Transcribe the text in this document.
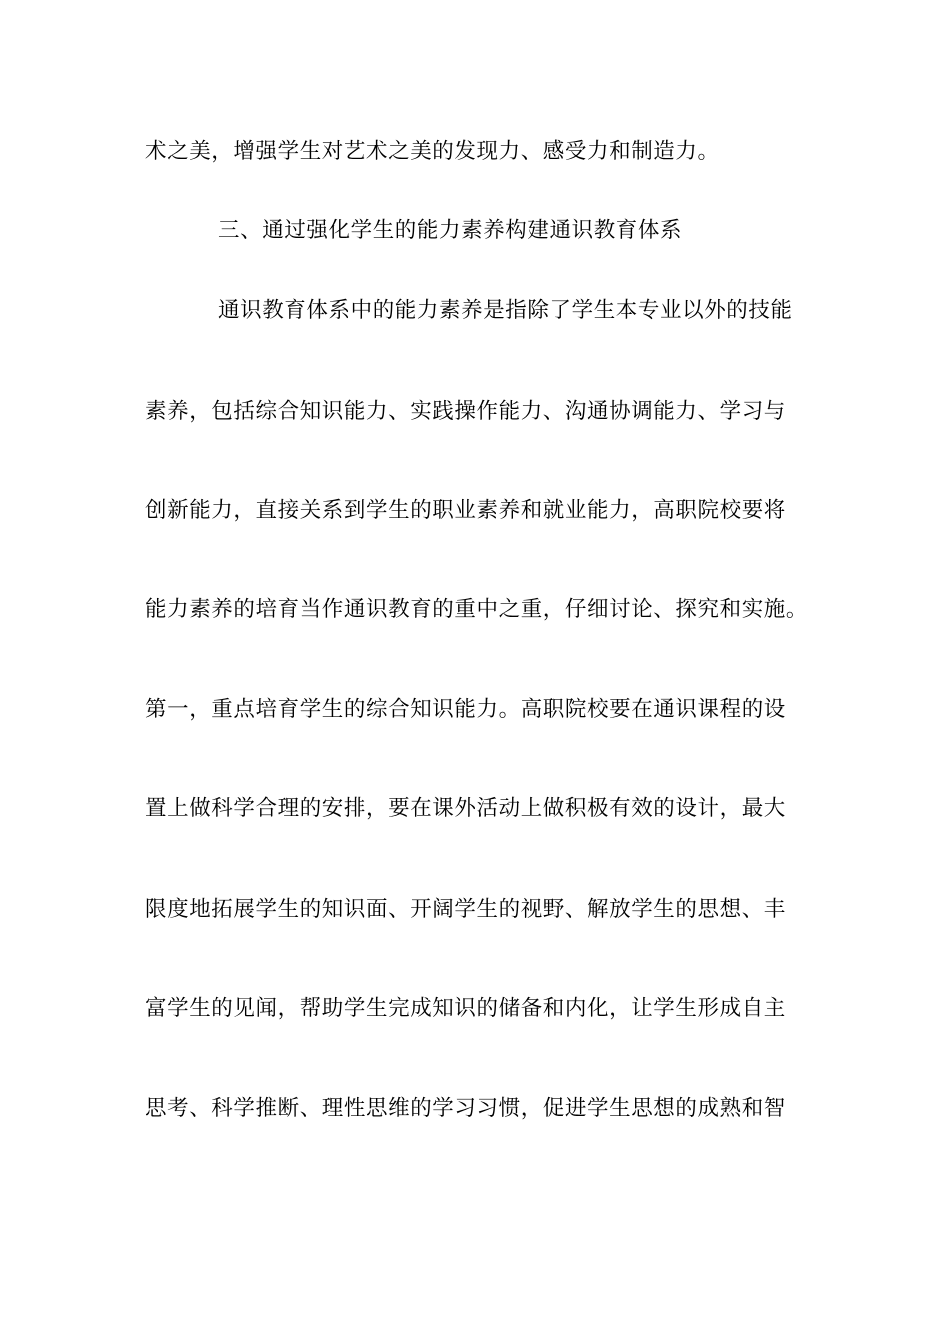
术之美，增强学生对艺术之美的发现力、感受力和制造力。
三、通过强化学生的能力素养构建通识教育体系
通识教育体系中的能力素养是指除了学生本专业以外的技能
素养，包括综合知识能力、实践操作能力、沟通协调能力、学习与
创新能力，直接关系到学生的职业素养和就业能力，高职院校要将
能力素养的培育当作通识教育的重中之重，仔细讨论、探究和实施。
第一，重点培育学生的综合知识能力。高职院校要在通识课程的设
置上做科学合理的安排，要在课外活动上做积极有效的设计，最大
限度地拓展学生的知识面、开阔学生的视野、解放学生的思想、丰
富学生的见闻，帮助学生完成知识的储备和内化，让学生形成自主
思考、科学推断、理性思维的学习习惯，促进学生思想的成熟和智
